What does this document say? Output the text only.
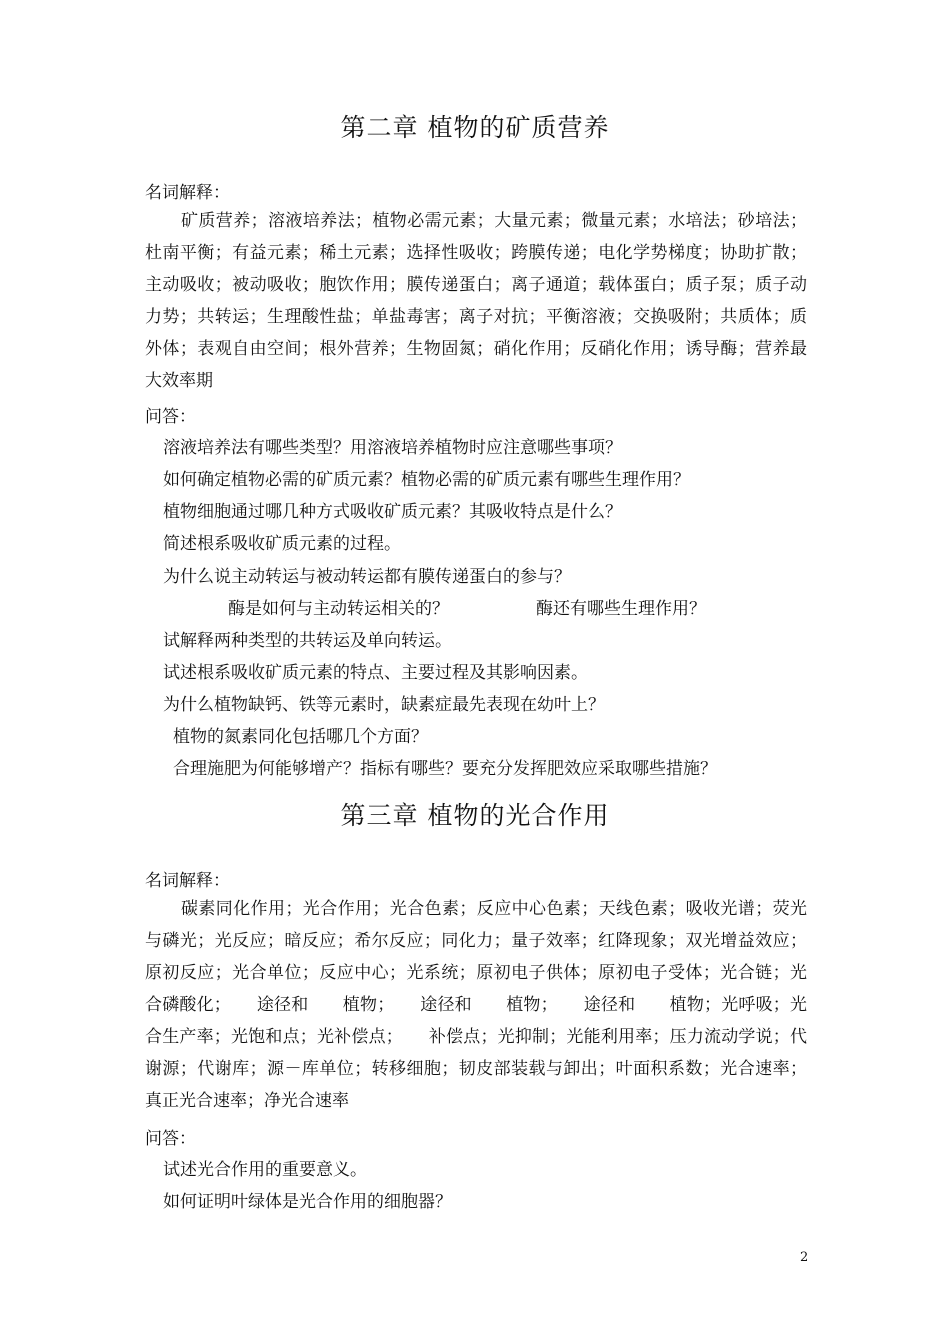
第二章 植物的矿质营养
名词解释：
矿质营养；溶液培养法；植物必需元素；大量元素；微量元素；水培法；砂培法；杜南平衡；有益元素；稀土元素；选择性吸收；跨膜传递；电化学势梯度；协助扩散；主动吸收；被动吸收；胞饮作用；膜传递蛋白；离子通道；载体蛋白；质子泵；质子动力势；共转运；生理酸性盐；单盐毒害；离子对抗；平衡溶液；交换吸附；共质体；质外体；表观自由空间；根外营养；生物固氮；硝化作用；反硝化作用；诱导酶；营养最大效率期
问答：
溶液培养法有哪些类型？用溶液培养植物时应注意哪些事项？
如何确定植物必需的矿质元素？植物必需的矿质元素有哪些生理作用？
植物细胞通过哪几种方式吸收矿质元素？其吸收特点是什么？
简述根系吸收矿质元素的过程。
为什么说主动转运与被动转运都有膜传递蛋白的参与？
酶是如何与主动转运相关的？	酶还有哪些生理作用？
试解释两种类型的共转运及单向转运。
试述根系吸收矿质元素的特点、主要过程及其影响因素。
为什么植物缺钙、铁等元素时，缺素症最先表现在幼叶上？
植物的氮素同化包括哪几个方面？
合理施肥为何能够增产？指标有哪些？要充分发挥肥效应采取哪些措施？
第三章 植物的光合作用
名词解释：
碳素同化作用；光合作用；光合色素；反应中心色素；天线色素；吸收光谱；荧光与磷光；光反应；暗反应；希尔反应；同化力；量子效率；红降现象；双光增益效应；原初反应；光合单位；反应中心；光系统；原初电子供体；原初电子受体；光合链；光合磷酸化；　　途径和　　植物；　　途径和　　植物；　　途径和　　植物；光呼吸；光合生产率；光饱和点；光补偿点；　　补偿点；光抑制；光能利用率；压力流动学说；代谢源；代谢库；源－库单位；转移细胞；韧皮部装载与卸出；叶面积系数；光合速率；真正光合速率；净光合速率
问答：
试述光合作用的重要意义。
如何证明叶绿体是光合作用的细胞器？
2
